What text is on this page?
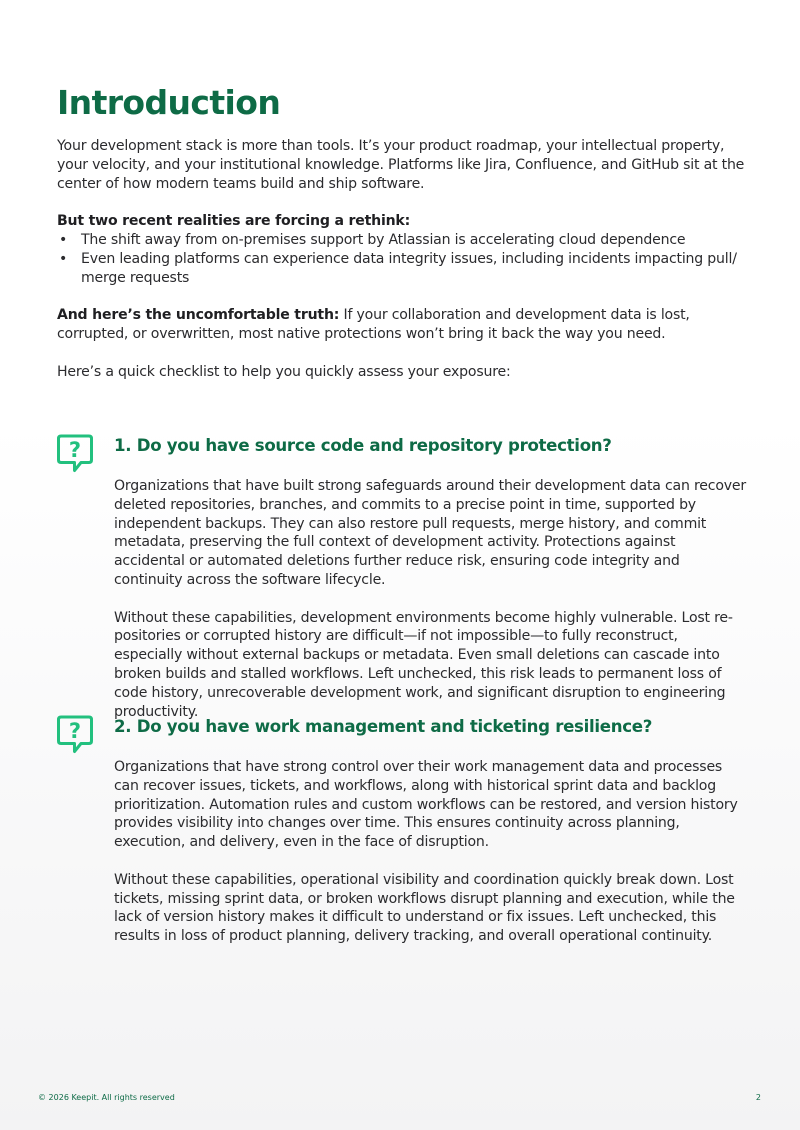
Introduction

Your development stack is more than tools. It’s your product roadmap, your intellectual property, your velocity, and your institutional knowledge. Platforms like Jira, Confluence, and GitHub sit at the center of how modern teams build and ship software.

But two recent realities are forcing a rethink:

• The shift away from on-premises support by Atlassian is accelerating cloud dependence
• Even leading platforms can experience data integrity issues, including incidents impacting pull/ merge requests

And here’s the uncomfortable truth: If your collaboration and development data is lost, corrupted, or overwritten, most native protections won’t bring it back the way you need.

Here’s a quick checklist to help you quickly assess your exposure:

? 1. Do you have source code and repository protection?

Organizations that have built strong safeguards around their development data can recover deleted repositories, branches, and commits to a precise point in time, supported by independent backups. They can also restore pull requests, merge history, and commit metadata, preserving the full context of development activity. Protections against accidental or automated deletions further reduce risk, ensuring code integrity and continuity across the software lifecycle.

Without these capabilities, development environments become highly vulnerable. Lost re-positories or corrupted history are difficult—if not impossible—to fully reconstruct, especially without external backups or metadata. Even small deletions can cascade into broken builds and stalled workflows. Left unchecked, this risk leads to permanent loss of code history, unrecoverable development work, and significant disruption to engineering productivity.

? 2. Do you have work management and ticketing resilience?

Organizations that have strong control over their work management data and processes can recover issues, tickets, and workflows, along with historical sprint data and backlog prioritization. Automation rules and custom workflows can be restored, and version history provides visibility into changes over time. This ensures continuity across planning, execution, and delivery, even in the face of disruption.

Without these capabilities, operational visibility and coordination quickly break down. Lost tickets, missing sprint data, or broken workflows disrupt planning and execution, while the lack of version history makes it difficult to understand or fix issues. Left unchecked, this results in loss of product planning, delivery tracking, and overall operational continuity.

© 2026 Keepit. All rights reserved	2
